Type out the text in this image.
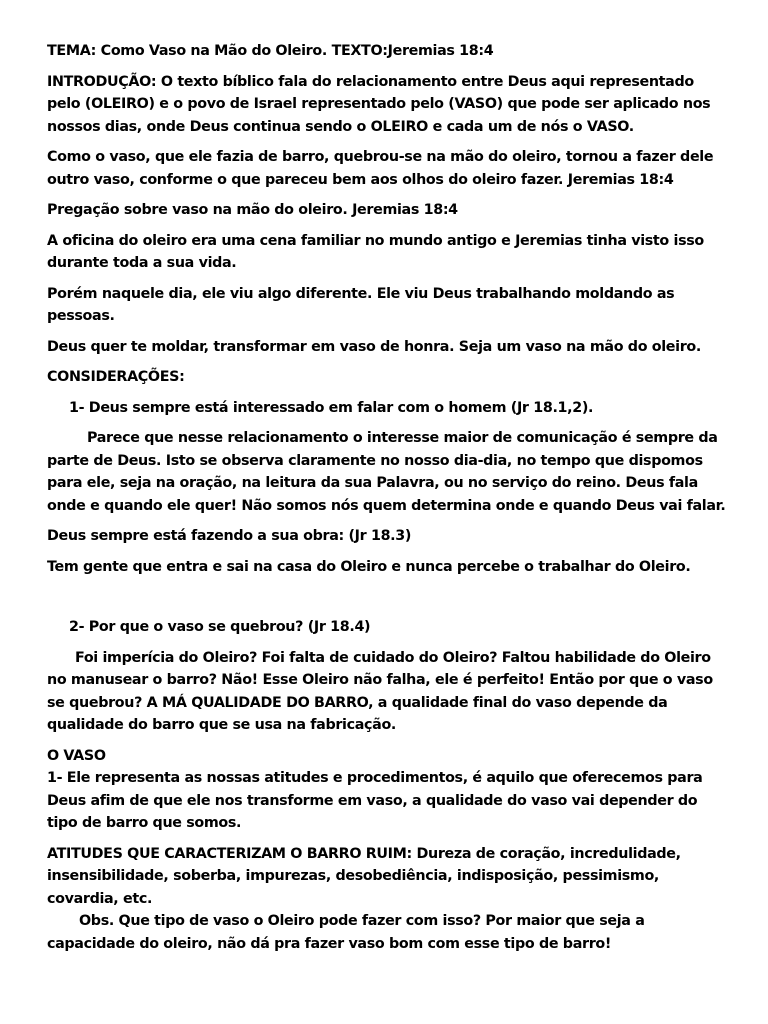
TEMA: Como Vaso na Mão do Oleiro. TEXTO:Jeremias 18:4

INTRODUÇÃO: O texto bíblico fala do relacionamento entre Deus aqui representado pelo (OLEIRO) e o povo de Israel representado pelo (VASO) que pode ser aplicado nos nossos dias, onde Deus continua sendo o OLEIRO e cada um de nós o VASO.

Como o vaso, que ele fazia de barro, quebrou-se na mão do oleiro, tornou a fazer dele outro vaso, conforme o que pareceu bem aos olhos do oleiro fazer. Jeremias 18:4

Pregação sobre vaso na mão do oleiro. Jeremias 18:4

A oficina do oleiro era uma cena familiar no mundo antigo e Jeremias tinha visto isso durante toda a sua vida.

Porém naquele dia, ele viu algo diferente. Ele viu Deus trabalhando moldando as pessoas.

Deus quer te moldar, transformar em vaso de honra. Seja um vaso na mão do oleiro.

CONSIDERAÇÕES:

1- Deus sempre está interessado em falar com o homem (Jr 18.1,2).

Parece que nesse relacionamento o interesse maior de comunicação é sempre da parte de Deus. Isto se observa claramente no nosso dia-dia, no tempo que dispomos para ele, seja na oração, na leitura da sua Palavra, ou no serviço do reino. Deus fala onde e quando ele quer! Não somos nós quem determina onde e quando Deus vai falar.

Deus sempre está fazendo a sua obra: (Jr 18.3)

Tem gente que entra e sai na casa do Oleiro e nunca percebe o trabalhar do Oleiro.

2- Por que o vaso se quebrou? (Jr 18.4)

Foi imperícia do Oleiro? Foi falta de cuidado do Oleiro? Faltou habilidade do Oleiro no manusear o barro? Não! Esse Oleiro não falha, ele é perfeito! Então por que o vaso se quebrou? A MÁ QUALIDADE DO BARRO, a qualidade final do vaso depende da qualidade do barro que se usa na fabricação.

O VASO

1- Ele representa as nossas atitudes e procedimentos, é aquilo que oferecemos para Deus afim de que ele nos transforme em vaso, a qualidade do vaso vai depender do tipo de barro que somos.

ATITUDES QUE CARACTERIZAM O BARRO RUIM: Dureza de coração, incredulidade, insensibilidade, soberba, impurezas, desobediência, indisposição, pessimismo, covardia, etc.

Obs. Que tipo de vaso o Oleiro pode fazer com isso? Por maior que seja a capacidade do oleiro, não dá pra fazer vaso bom com esse tipo de barro!
